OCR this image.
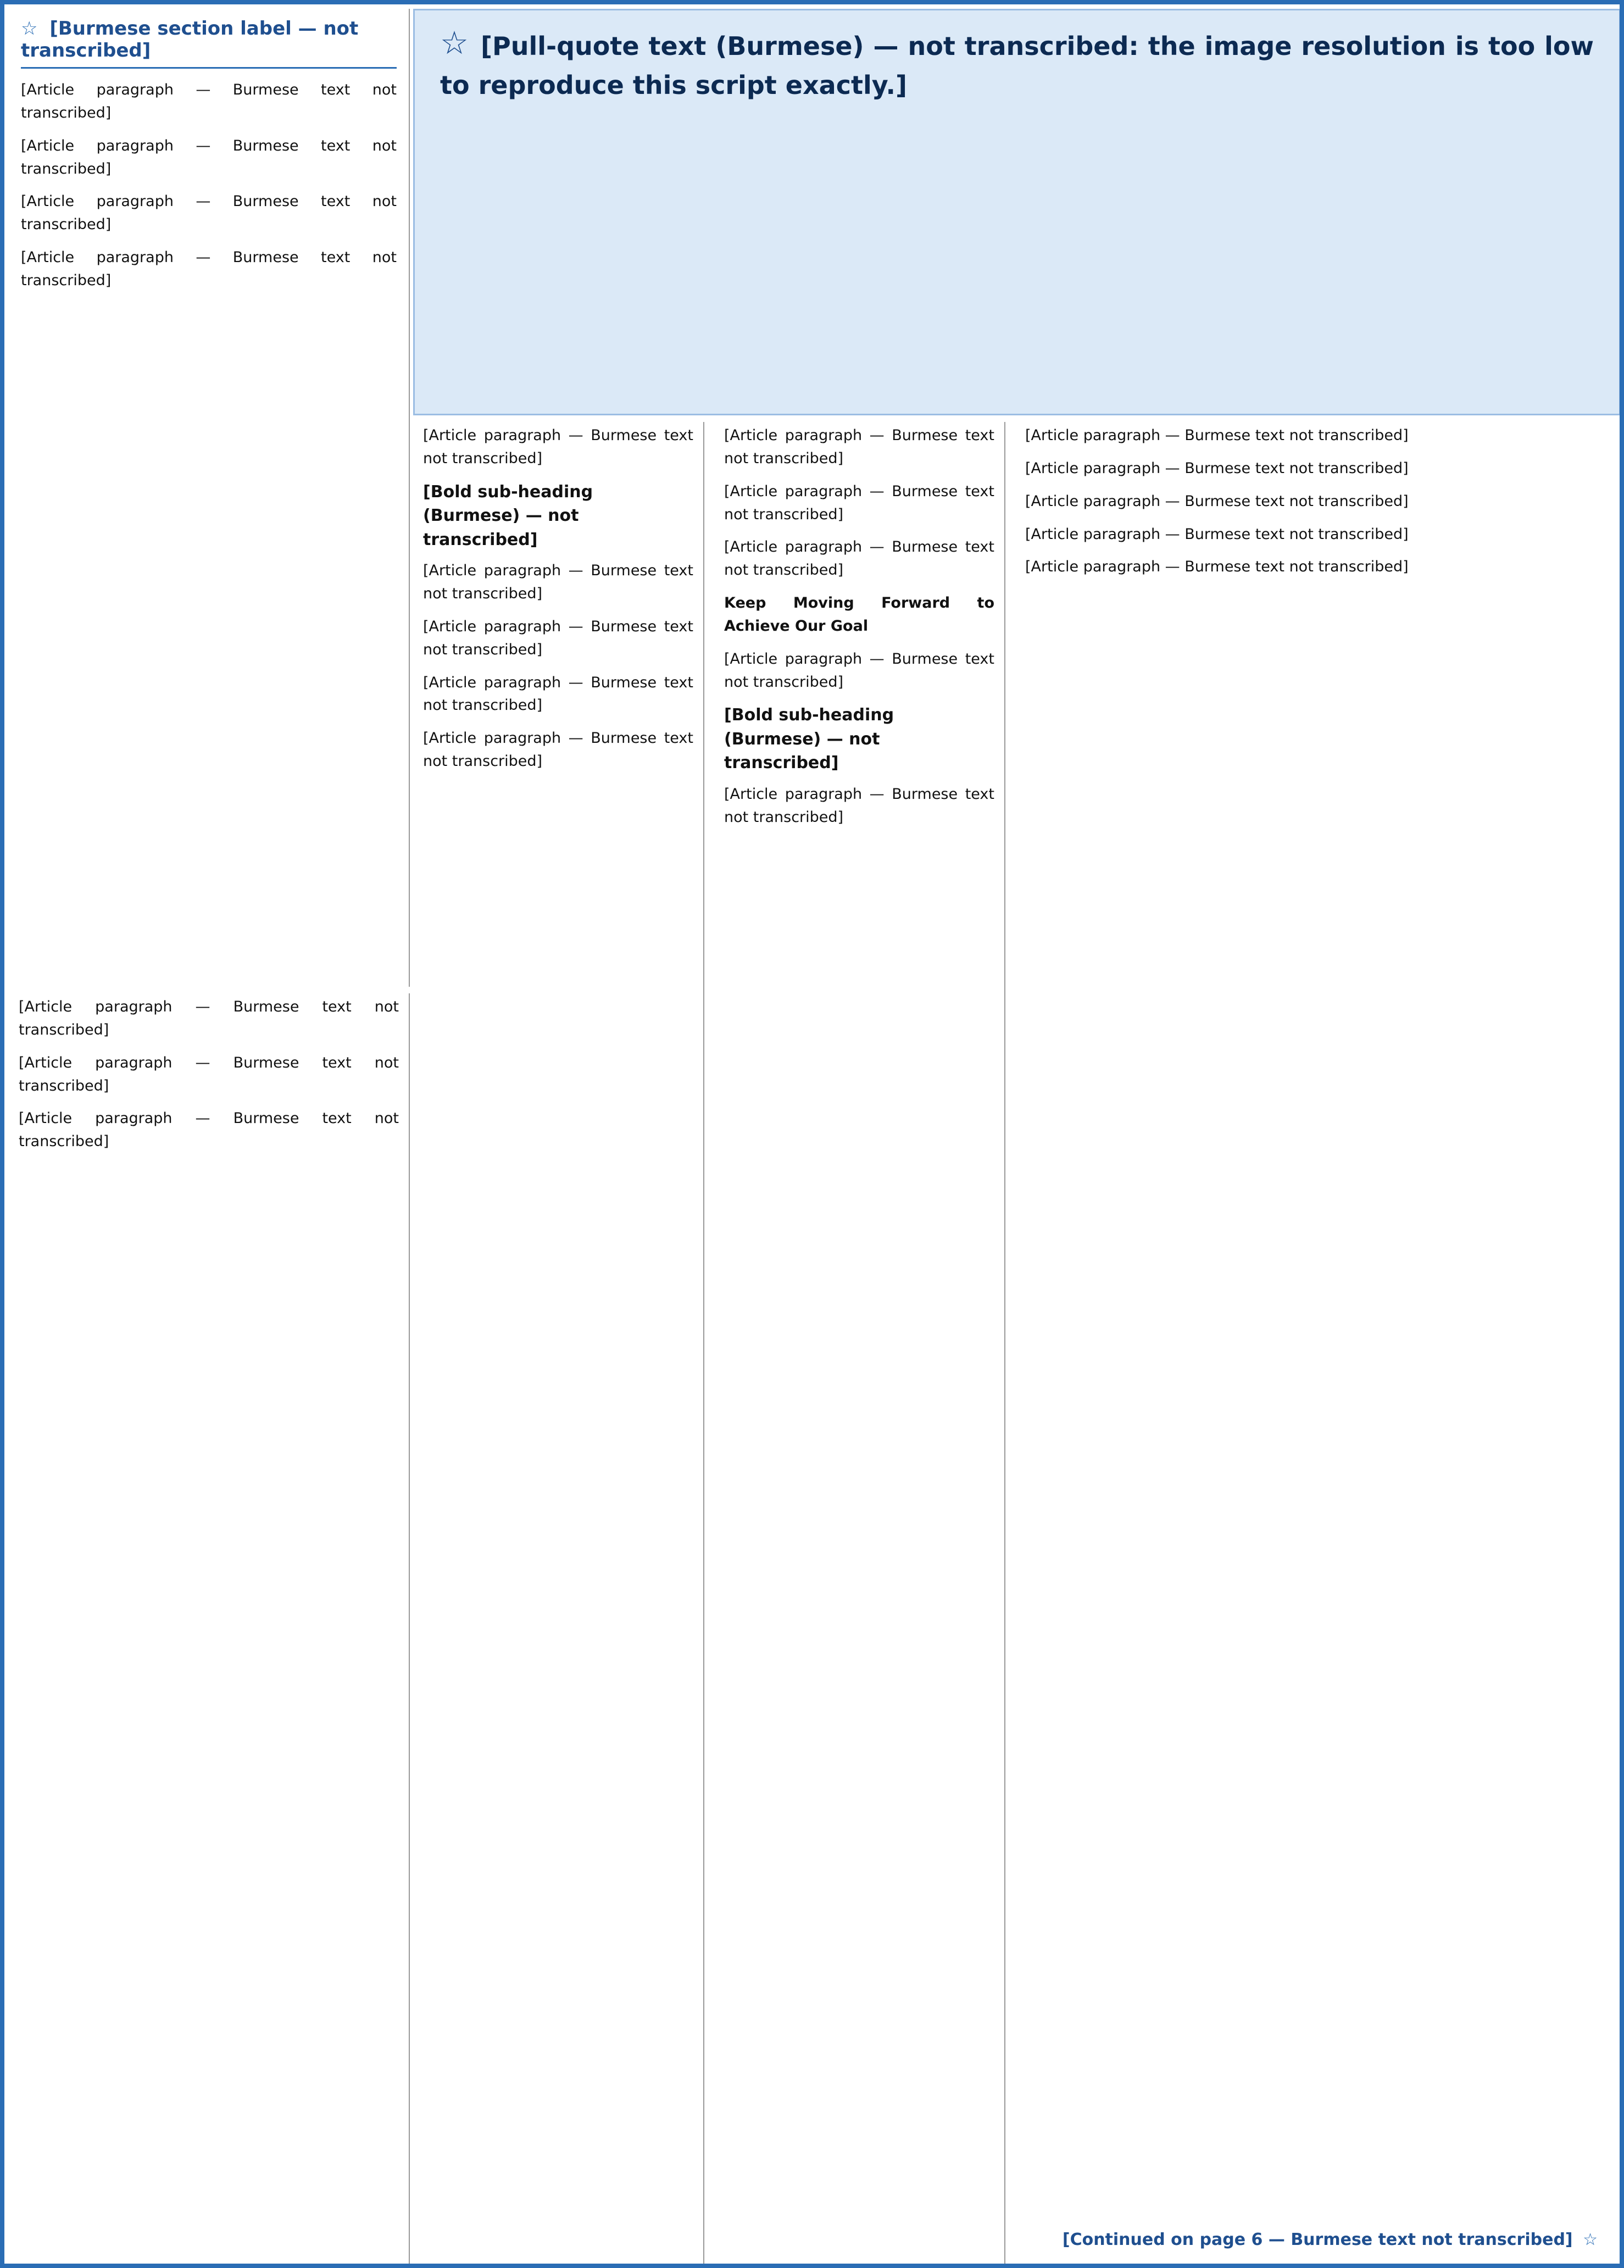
☆ [Burmese section label — not transcribed]

[Article paragraph — Burmese text not transcribed]

[Article paragraph — Burmese text not transcribed]

[Article paragraph — Burmese text not transcribed]

[Article paragraph — Burmese text not transcribed]

☆ [Pull-quote text (Burmese) — not transcribed: the image resolution is too low to reproduce this script exactly.]

[Article paragraph — Burmese text not transcribed]

[Article paragraph — Burmese text not transcribed]

[Article paragraph — Burmese text not transcribed]

[Article paragraph — Burmese text not transcribed]

[Bold sub-heading (Burmese) — not transcribed]

[Article paragraph — Burmese text not transcribed]

[Article paragraph — Burmese text not transcribed]

[Article paragraph — Burmese text not transcribed]

[Article paragraph — Burmese text not transcribed]

[Article paragraph — Burmese text not transcribed]

[Article paragraph — Burmese text not transcribed]

[Article paragraph — Burmese text not transcribed]

Keep Moving Forward to Achieve Our Goal

[Article paragraph — Burmese text not transcribed]

[Bold sub-heading (Burmese) — not transcribed]

[Article paragraph — Burmese text not transcribed]

[Article paragraph — Burmese text not transcribed]

[Article paragraph — Burmese text not transcribed]

[Article paragraph — Burmese text not transcribed]

[Article paragraph — Burmese text not transcribed]

[Article paragraph — Burmese text not transcribed]

[Continued on page 6 — Burmese text not transcribed] ☆
